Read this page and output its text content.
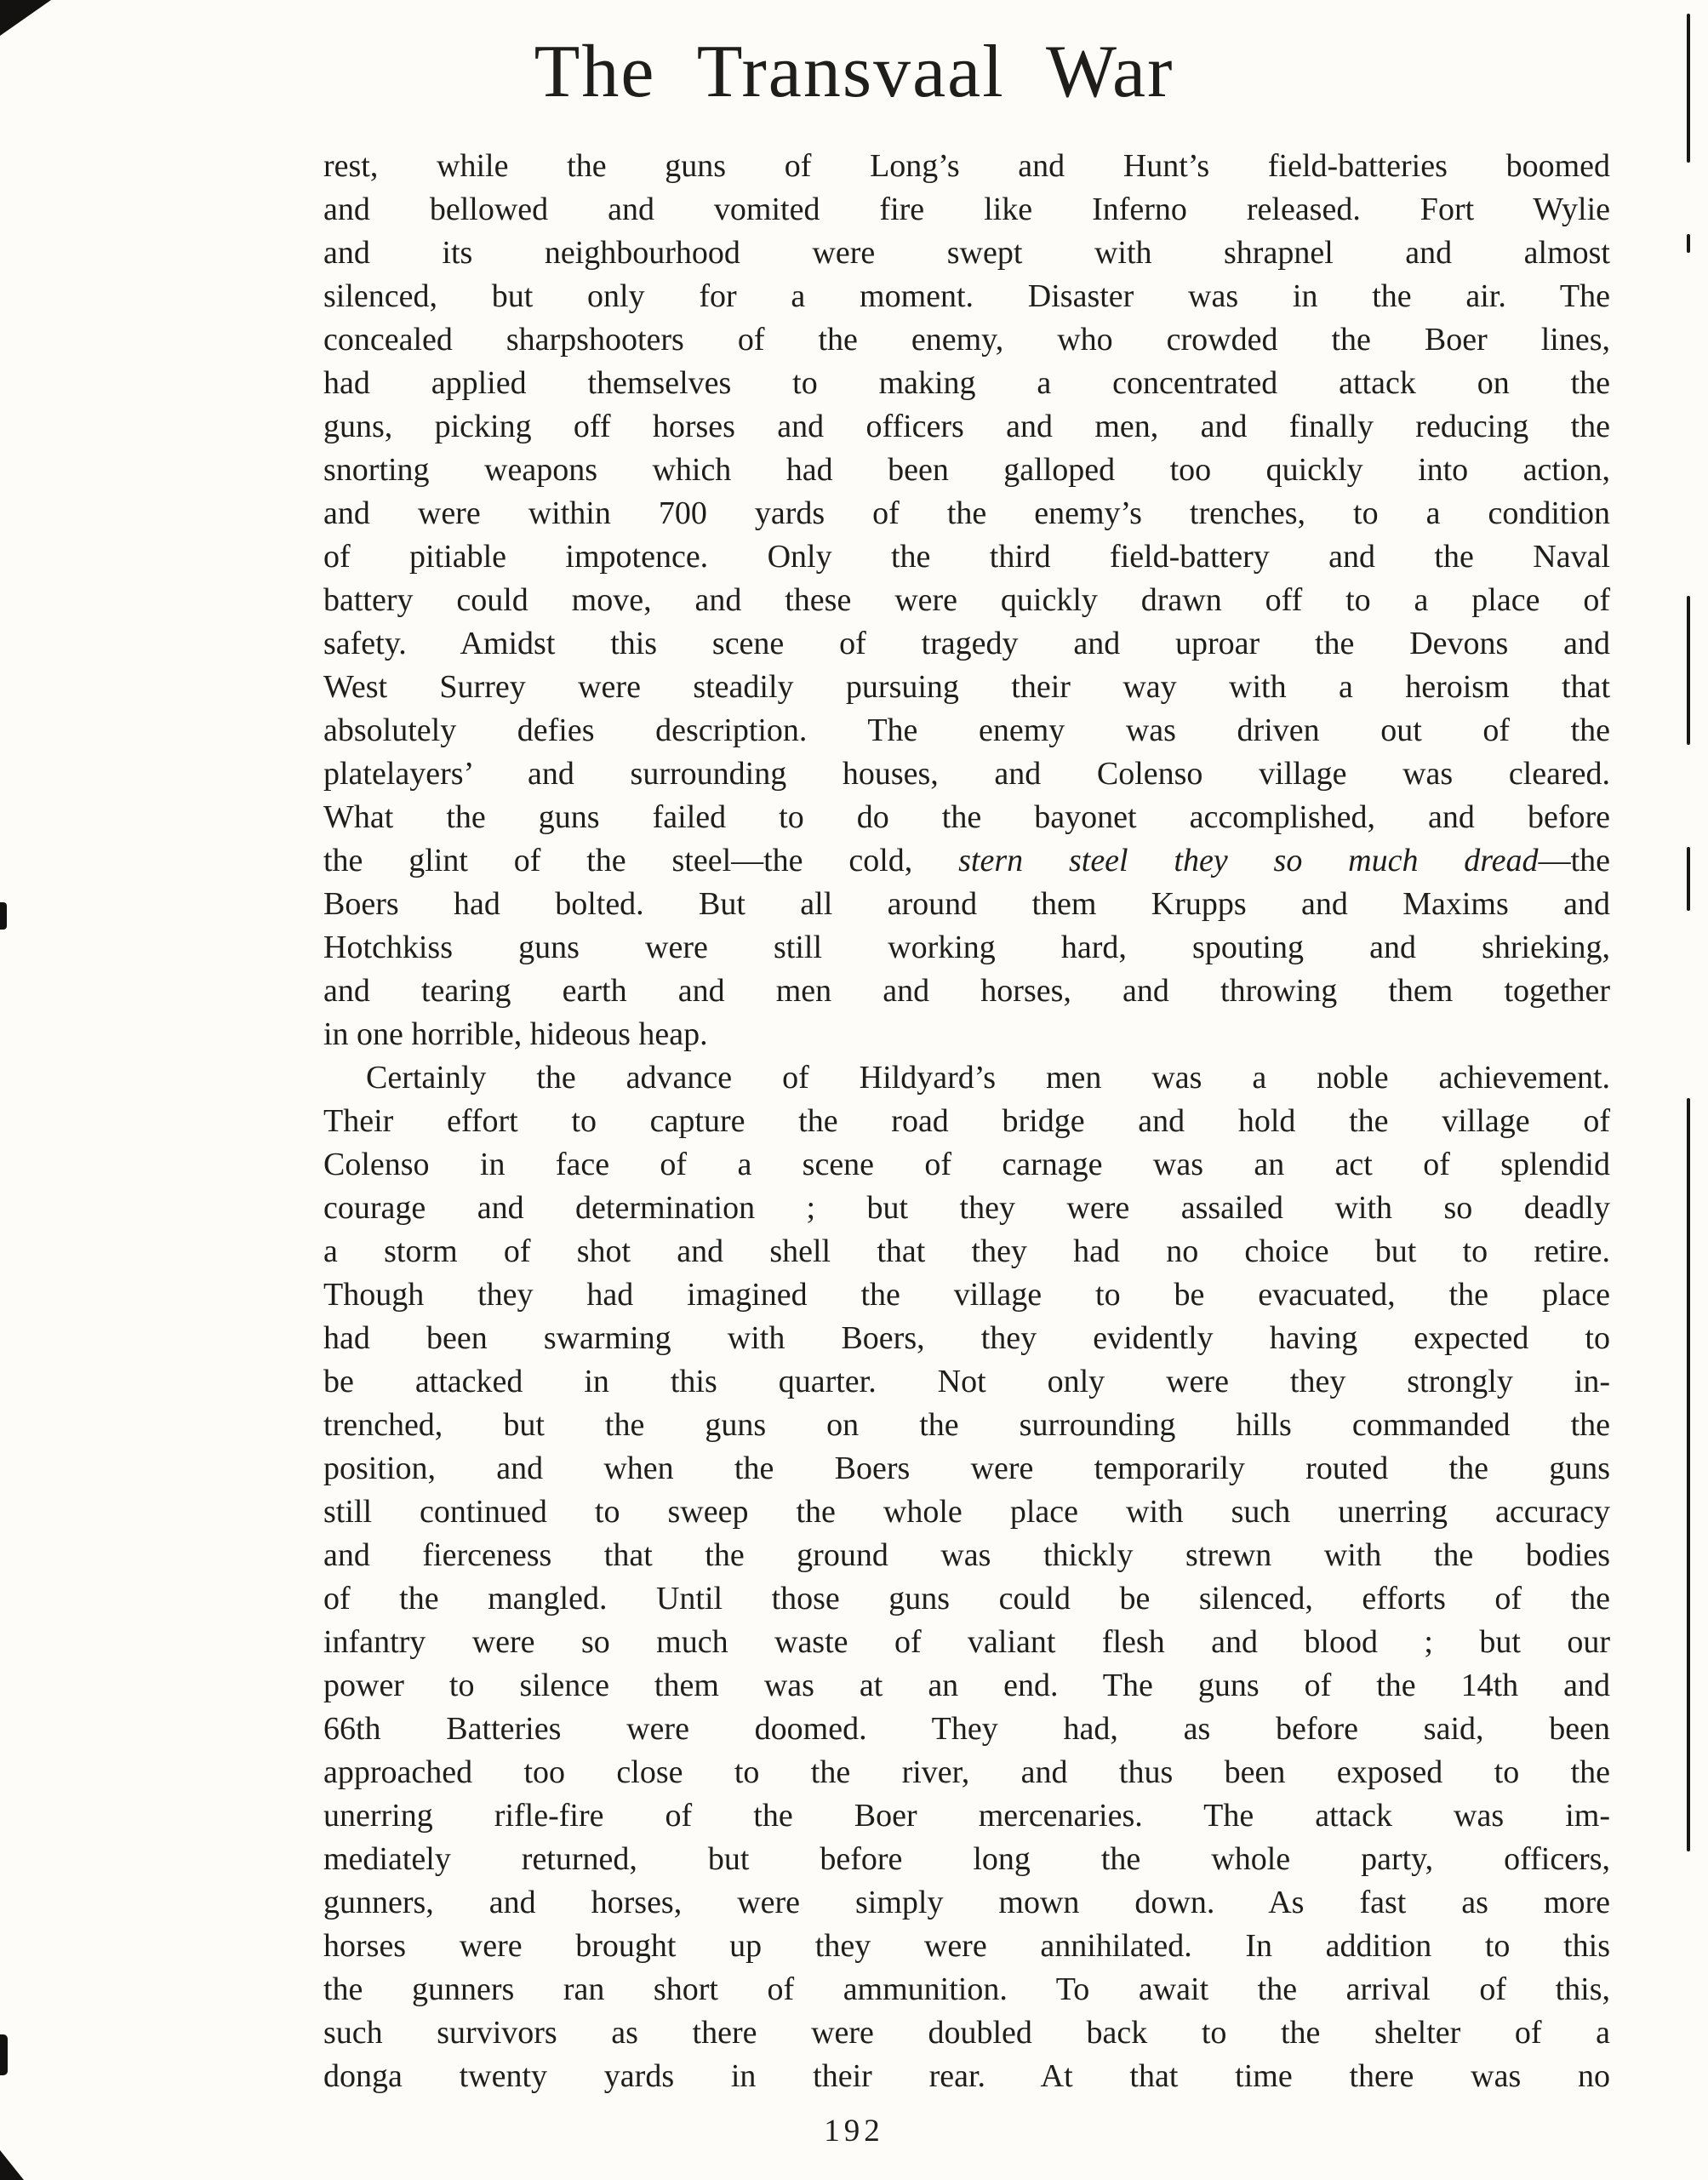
The Transvaal War
rest, while the guns of Long’s and Hunt’s field-batteries boomed
and bellowed and vomited fire like Inferno released. Fort Wylie
and its neighbourhood were swept with shrapnel and almost
silenced, but only for a moment. Disaster was in the air. The
concealed sharpshooters of the enemy, who crowded the Boer lines,
had applied themselves to making a concentrated attack on the
guns, picking off horses and officers and men, and finally reducing the
snorting weapons which had been galloped too quickly into action,
and were within 700 yards of the enemy’s trenches, to a condition
of pitiable impotence. Only the third field-battery and the Naval
battery could move, and these were quickly drawn off to a place of
safety. Amidst this scene of tragedy and uproar the Devons and
West Surrey were steadily pursuing their way with a heroism that
absolutely defies description. The enemy was driven out of the
platelayers’ and surrounding houses, and Colenso village was cleared.
What the guns failed to do the bayonet accomplished, and before
the glint of the steel—the cold, stern steel they so much dread—the
Boers had bolted. But all around them Krupps and Maxims and
Hotchkiss guns were still working hard, spouting and shrieking,
and tearing earth and men and horses, and throwing them together
in one horrible, hideous heap.
Certainly the advance of Hildyard’s men was a noble achievement.
Their effort to capture the road bridge and hold the village of
Colenso in face of a scene of carnage was an act of splendid
courage and determination ; but they were assailed with so deadly
a storm of shot and shell that they had no choice but to retire.
Though they had imagined the village to be evacuated, the place
had been swarming with Boers, they evidently having expected to
be attacked in this quarter. Not only were they strongly in-
trenched, but the guns on the surrounding hills commanded the
position, and when the Boers were temporarily routed the guns
still continued to sweep the whole place with such unerring accuracy
and fierceness that the ground was thickly strewn with the bodies
of the mangled. Until those guns could be silenced, efforts of the
infantry were so much waste of valiant flesh and blood ; but our
power to silence them was at an end. The guns of the 14th and
66th Batteries were doomed. They had, as before said, been
approached too close to the river, and thus been exposed to the
unerring rifle-fire of the Boer mercenaries. The attack was im-
mediately returned, but before long the whole party, officers,
gunners, and horses, were simply mown down. As fast as more
horses were brought up they were annihilated. In addition to this
the gunners ran short of ammunition. To await the arrival of this,
such survivors as there were doubled back to the shelter of a
donga twenty yards in their rear. At that time there was no
192
